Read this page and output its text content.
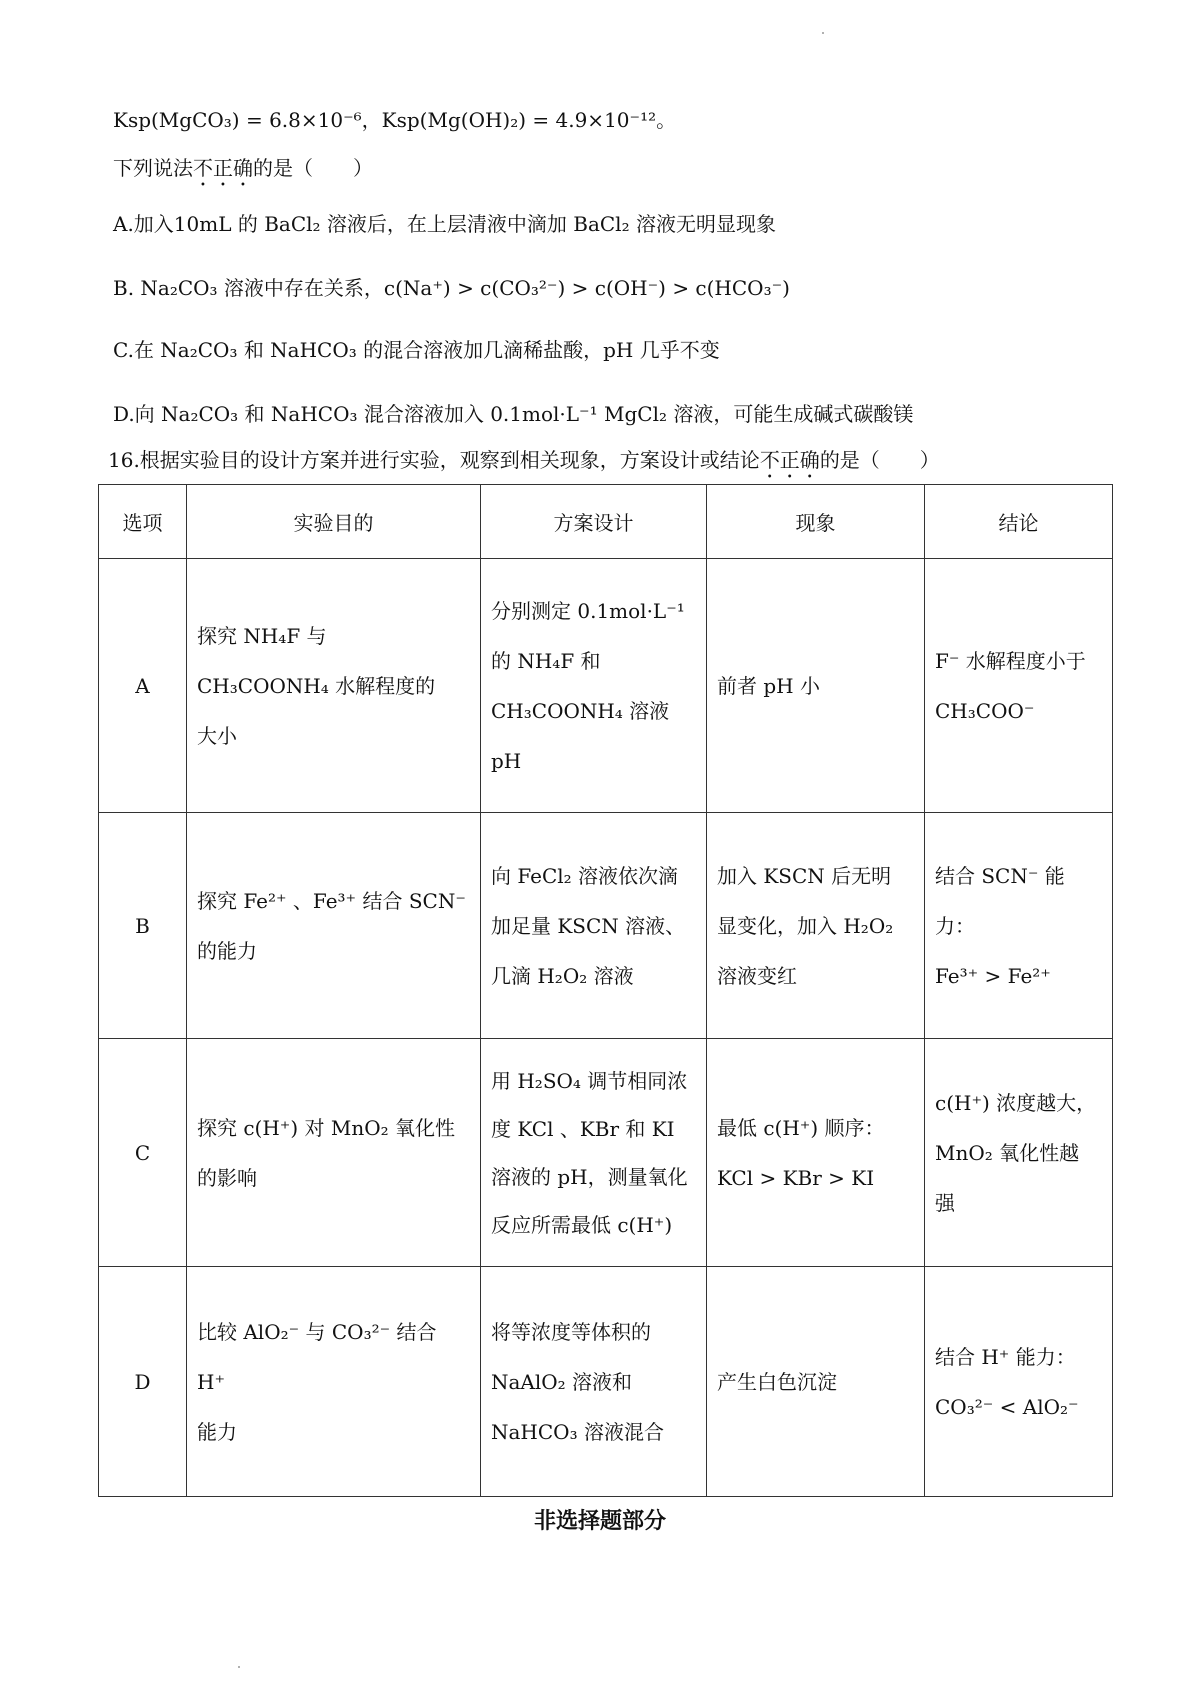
Ksp(MgCO₃) = 6.8×10⁻⁶，Ksp(Mg(OH)₂) = 4.9×10⁻¹²。
下列说法不正确的是（　　）
A.加入10mL 的 BaCl₂ 溶液后，在上层清液中滴加 BaCl₂ 溶液无明显现象
B. Na₂CO₃ 溶液中存在关系，c(Na⁺) > c(CO₃²⁻) > c(OH⁻) > c(HCO₃⁻)
C.在 Na₂CO₃ 和 NaHCO₃ 的混合溶液加几滴稀盐酸，pH 几乎不变
D.向 Na₂CO₃ 和 NaHCO₃ 混合溶液加入 0.1mol·L⁻¹ MgCl₂ 溶液，可能生成碱式碳酸镁
16.根据实验目的设计方案并进行实验，观察到相关现象，方案设计或结论不正确的是（　　）
选项	实验目的	方案设计	现象	结论
A	探究 NH₄F 与
CH₃COONH₄ 水解程度的
大小	分别测定 0.1mol·L⁻¹
的 NH₄F 和
CH₃COONH₄ 溶液
pH	前者 pH 小	F⁻ 水解程度小于
CH₃COO⁻

B	探究 Fe²⁺ 、Fe³⁺ 结合 SCN⁻
的能力	向 FeCl₂ 溶液依次滴
加足量 KSCN 溶液、
几滴 H₂O₂ 溶液	加入 KSCN 后无明
显变化，加入 H₂O₂
溶液变红	结合 SCN⁻ 能力：
Fe³⁺ > Fe²⁺

C	探究 c(H⁺) 对 MnO₂ 氧化性
的影响	用 H₂SO₄ 调节相同浓
度 KCl 、KBr 和 KI
溶液的 pH，测量氧化
反应所需最低 c(H⁺)	最低 c(H⁺) 顺序：
KCl > KBr > KI	c(H⁺) 浓度越大，
MnO₂ 氧化性越
强

D	比较 AlO₂⁻ 与 CO₃²⁻ 结合 H⁺
能力	将等浓度等体积的
NaAlO₂ 溶液和
NaHCO₃ 溶液混合	产生白色沉淀	结合 H⁺ 能力：
CO₃²⁻ < AlO₂⁻
非选择题部分
